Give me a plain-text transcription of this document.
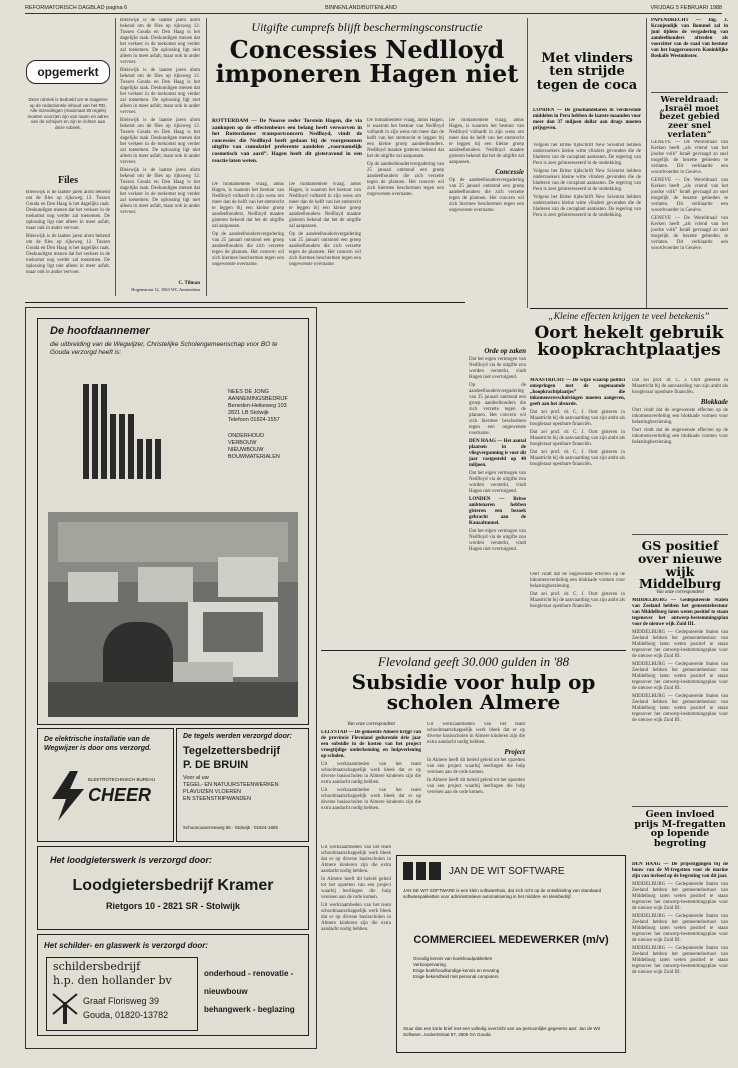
REFORMATORISCH DAGBLAD pagina 6	BINNENLAND/BUITENLAND	VRIJDAG 5 FEBRUARI 1988
opgemerkt
Deze rubriek is bedoeld om te reageren op de redactionele inhoud van het RD. Alle inzendingen (maximaal 30 regels) moeten voorzien zijn van naam en adres van de schrijver en zijn te richten aan deze rubriek.
Files

Bleiswijk is de laatste jaren alom bekend om de files op rijksweg 12. Tussen Gouda en Den Haag is het dagelijks raak. Deskundigen menen dat het verkeer in de toekomst nog verder zal toenemen. De oplossing ligt niet alleen in meer asfalt, maar ook in ander vervoer.

Bleiswijk is de laatste jaren alom bekend om de files op rijksweg 12. Tussen Gouda en Den Haag is het dagelijks raak. Deskundigen menen dat het verkeer in de toekomst nog verder zal toenemen. De oplossing ligt niet alleen in meer asfalt, maar ook in ander vervoer.

Bleiswijk is de laatste jaren alom bekend om de files op rijksweg 12. Tussen Gouda en Den Haag is het dagelijks raak. Deskundigen menen dat het verkeer in de toekomst nog verder zal toenemen. De oplossing ligt niet alleen in meer asfalt, maar ook in ander vervoer.

Bleiswijk is de laatste jaren alom bekend om de files op rijksweg 12. Tussen Gouda en Den Haag is het dagelijks raak. Deskundigen menen dat het verkeer in de toekomst nog verder zal toenemen. De oplossing ligt niet alleen in meer asfalt, maar ook in ander vervoer.

Bleiswijk is de laatste jaren alom bekend om de files op rijksweg 12. Tussen Gouda en Den Haag is het dagelijks raak. Deskundigen menen dat het verkeer in de toekomst nog verder zal toenemen. De oplossing ligt niet alleen in meer asfalt, maar ook in ander vervoer.

Bleiswijk is de laatste jaren alom bekend om de files op rijksweg 12. Tussen Gouda en Den Haag is het dagelijks raak. Deskundigen menen dat het verkeer in de toekomst nog verder zal toenemen. De oplossing ligt niet alleen in meer asfalt, maar ook in ander vervoer.

C. Tilman
Hogenstraat 12, 1063 WC Amsterdam
Uitgifte cumprefs blijft beschermingsconstructie
Concessies Nedlloyd imponeren Hagen niet

ROTTERDAM — De Noorse reder Torstein Hagen, die via aankopen op de effectenbeurs een belang heeft verworven in het Rotterdamse transportconcern Nedlloyd, vindt de concessies die Nedlloyd heeft gedaan bij de voorgenomen uitgifte van cumulatief preferente aandelen „voornamelijk cosmetisch van aard”. Hagen heeft dit gisteravond in een reactie laten weten.

De fundamentele vraag, aldus Hagen, is waarom het bestuur van Nedlloyd volhardt in zijn wens om meer dan de helft van het stemrecht te leggen bij een kleine groep aandeelhouders. Nedlloyd maakte gisteren bekend dat het de uitgifte zal aanpassen.

Op de aandeelhoudersvergadering van 25 januari ontstond een groep aandeelhouders die zich verzette tegen de plannen. Het concern wil zich hiermee beschermen tegen een ongewenste overname.

De fundamentele vraag, aldus Hagen, is waarom het bestuur van Nedlloyd volhardt in zijn wens om meer dan de helft van het stemrecht te leggen bij een kleine groep aandeelhouders. Nedlloyd maakte gisteren bekend dat het de uitgifte zal aanpassen.

Op de aandeelhoudersvergadering van 25 januari ontstond een groep aandeelhouders die zich verzette tegen de plannen. Het concern wil zich hiermee beschermen tegen een ongewenste overname.

De fundamentele vraag, aldus Hagen, is waarom het bestuur van Nedlloyd volhardt in zijn wens om meer dan de helft van het stemrecht te leggen bij een kleine groep aandeelhouders. Nedlloyd maakte gisteren bekend dat het de uitgifte zal aanpassen.

Op de aandeelhoudersvergadering van 25 januari ontstond een groep aandeelhouders die zich verzette tegen de plannen. Het concern wil zich hiermee beschermen tegen een ongewenste overname.

De fundamentele vraag, aldus Hagen, is waarom het bestuur van Nedlloyd volhardt in zijn wens om meer dan de helft van het stemrecht te leggen bij een kleine groep aandeelhouders. Nedlloyd maakte gisteren bekend dat het de uitgifte zal aanpassen.

Concessie

Op de aandeelhoudersvergadering van 25 januari ontstond een groep aandeelhouders die zich verzette tegen de plannen. Het concern wil zich hiermee beschermen tegen een ongewenste overname.

Met vlinders ten strijde tegen de coca

LONDEN — De grootlandelaren in verdovende middelen in Peru hebben de laatste maanden voor meer dan 37 miljoen dollar aan drugs moeten prijsgeven.

Volgens het Britse tijdschrift New Scientist hebben onderzoekers kleine witte vlinders gevonden die de bladeren van de cocaplant aantasten. De regering van Peru is zeer geïnteresseerd in de ontdekking.

Volgens het Britse tijdschrift New Scientist hebben onderzoekers kleine witte vlinders gevonden die de bladeren van de cocaplant aantasten. De regering van Peru is zeer geïnteresseerd in de ontdekking.

Volgens het Britse tijdschrift New Scientist hebben onderzoekers kleine witte vlinders gevonden die de bladeren van de cocaplant aantasten. De regering van Peru is zeer geïnteresseerd in de ontdekking.

PAPENDRECHT — Ing. J. Kranjendijk van Bommel zal in juni tijdens de vergadering van aandeelhouders aftreden als voorzitter van de raad van bestuur van het baggerconcern Koninklijke Boskalis Westminster.

Wereldraad: „Israël moet bezet gebied zeer snel verlaten”

GENEVE — De Wereldraad van Kerken heeft „als vriend van het joodse volk” Israël gevraagd zo snel mogelijk de bezette gebieden te verlaten. Dit verklaarde een woordvoerder in Genève.

GENEVE — De Wereldraad van Kerken heeft „als vriend van het joodse volk” Israël gevraagd zo snel mogelijk de bezette gebieden te verlaten. Dit verklaarde een woordvoerder in Genève.

GENEVE — De Wereldraad van Kerken heeft „als vriend van het joodse volk” Israël gevraagd zo snel mogelijk de bezette gebieden te verlaten. Dit verklaarde een woordvoerder in Genève.

„Kleine effecten krijgen te veel betekenis”
Oort hekelt gebruik koopkrachtplaatjes

MAASTRICHT — De wijze waarop politici omspringen met de zogenaamde „koopkrachtplaatjes” die inkomensverschuivingen moeten aangeven, geeft aan het absurde.

Dat zei prof. dr. C. J. Oort gisteren in Maastricht bij de aanvaarding van zijn ambt als hoogleraar openbare financiën.

Dat zei prof. dr. C. J. Oort gisteren in Maastricht bij de aanvaarding van zijn ambt als hoogleraar openbare financiën.

Dat zei prof. dr. C. J. Oort gisteren in Maastricht bij de aanvaarding van zijn ambt als hoogleraar openbare financiën.

Dat zei prof. dr. C. J. Oort gisteren in Maastricht bij de aanvaarding van zijn ambt als hoogleraar openbare financiën.

Blokkade

Oort vindt dat de ongewenste effecten op de inkomensverdeling een blokkade vormen voor belastingherziening.

Oort vindt dat de ongewenste effecten op de inkomensverdeling een blokkade vormen voor belastingherziening.

Orde op zaken

Dat het eigen vermogen van Nedlloyd via de uitgifte zou worden versterkt, vindt Hagen niet overtuigend.

Op de aandeelhoudersvergadering van 25 januari ontstond een groep aandeelhouders die zich verzette tegen de plannen. Het concern wil zich hiermee beschermen tegen een ongewenste overname.

DEN HAAG — Het aantal plaatsen in de vliegvergunning is voor dit jaar vastgesteld op 40 miljoen.

Dat het eigen vermogen van Nedlloyd via de uitgifte zou worden versterkt, vindt Hagen niet overtuigend.

LONDEN — Britse ambtenaren hebben gisteren een bezoek gebracht aan de Kanaaltunnel.

Dat het eigen vermogen van Nedlloyd via de uitgifte zou worden versterkt, vindt Hagen niet overtuigend.	GS positief over nieuwe wijk Middelburg
Van onze correspondent

MIDDELBURG — Gedeputeerde Staten van Zeeland hebben het gemeentebestuur van Middelburg laten weten positief te staan tegenover het ontwerp-bestemmingsplan voor de nieuwe wijk Zuid III.

MIDDELBURG — Gedeputeerde Staten van Zeeland hebben het gemeentebestuur van Middelburg laten weten positief te staan tegenover het ontwerp-bestemmingsplan voor de nieuwe wijk Zuid III.

MIDDELBURG — Gedeputeerde Staten van Zeeland hebben het gemeentebestuur van Middelburg laten weten positief te staan tegenover het ontwerp-bestemmingsplan voor de nieuwe wijk Zuid III.

MIDDELBURG — Gedeputeerde Staten van Zeeland hebben het gemeentebestuur van Middelburg laten weten positief te staan tegenover het ontwerp-bestemmingsplan voor de nieuwe wijk Zuid III.

Geen invloed prijs M-fregatten op lopende begroting

DEN HAAG — De prijsstijgingen bij de bouw van de M-fregatten voor de marine zijn van invloed op de begroting van dit jaar.

MIDDELBURG — Gedeputeerde Staten van Zeeland hebben het gemeentebestuur van Middelburg laten weten positief te staan tegenover het ontwerp-bestemmingsplan voor de nieuwe wijk Zuid III.

MIDDELBURG — Gedeputeerde Staten van Zeeland hebben het gemeentebestuur van Middelburg laten weten positief te staan tegenover het ontwerp-bestemmingsplan voor de nieuwe wijk Zuid III.

MIDDELBURG — Gedeputeerde Staten van Zeeland hebben het gemeentebestuur van Middelburg laten weten positief te staan tegenover het ontwerp-bestemmingsplan voor de nieuwe wijk Zuid III.

Flevoland geeft 30.000 gulden in '88
Subsidie voor hulp op scholen Almere
Van onze correspondent

LELYSTAD — De gemeente Almere krijgt van de provincie Flevoland gedurende drie jaar een subsidie in de kosten van het project vroegtijdige onderkenning en hulpverlening op scholen.

Uit werkzaamheden van het team schoolmaatschappelijk werk bleek dat er op diverse basisscholen in Almere kinderen zijn die extra aandacht nodig hebben.

Uit werkzaamheden van het team schoolmaatschappelijk werk bleek dat er op diverse basisscholen in Almere kinderen zijn die extra aandacht nodig hebben.

Uit werkzaamheden van het team schoolmaatschappelijk werk bleek dat er op diverse basisscholen in Almere kinderen zijn die extra aandacht nodig hebben.

Project

In Almere heeft dit beleid geleid tot het opzetten van een project waarbij leerlingen die hulp vereisen aan de orde komen.

In Almere heeft dit beleid geleid tot het opzetten van een project waarbij leerlingen die hulp vereisen aan de orde komen.

De hoofdaannemer
die uitbreiding van de Wegwijzer, Christelijke Scholengemeenschap voor BO te Gouda verzorgd heeft is:
NEES DE JONG AANNEMINGSBEDRIJF
Beneden-Heikeweg 103
2821 LB Stolwijk
Telefoon 01824-1557
ONDERHOUD
VERBOUW
NIEUWBOUW
BOUWMATERIALEN
De elektrische installatie van de Wegwijzer is door ons verzorgd.
ELEKTROTECHNISCH BUREAU
CHEER
De tegels werden verzorgd door:
Tegelzettersbedrijf
P. DE BRUIN
Voor al uw
TEGEL- EN NATUURSTEENWERKEN
PLAVUIZEN VLOEREN
EN STEENSTRIPWANDEN
Schoonouwenseweg 56 · Stolwijk · 01824-1865
Het loodgieterswerk is verzorgd door:
Loodgietersbedrijf Kramer
Rietgors 10 - 2821 SR - Stolwijk
Het schilder- en glaswerk is verzorgd door:
schildersbedrijf
h.p. den hollander bv
Graaf Florisweg 39
Gouda, 01820-13782
onderhoud - renovatie -
nieuwbouw
behangwerk - beglazing
JAN DE WIT SOFTWARE
JAN DE WIT SOFTWARE is een klein softwarehuis, dat zich richt op de ontwikkeling van standaard softwarepakketten voor administratieve automatisering in het midden- en kleinbedrijf.
COMMERCIEEL MEDEWERKER (m/v)
Grondig kennis van boekhoudpakketten
Verkoopervaring
Enige boekhoudkundige kennis en ervaring
Enige bekendheid met personal computers
Stuur dan een korte brief met een volledig overzicht van uw persoonlijke gegevens aan: Jan de Wit Software, Joubertstraat 67, 2806 GA Gouda.

Uit werkzaamheden van het team schoolmaatschappelijk werk bleek dat er op diverse basisscholen in Almere kinderen zijn die extra aandacht nodig hebben.

In Almere heeft dit beleid geleid tot het opzetten van een project waarbij leerlingen die hulp vereisen aan de orde komen.

Uit werkzaamheden van het team schoolmaatschappelijk werk bleek dat er op diverse basisscholen in Almere kinderen zijn die extra aandacht nodig hebben.

Oort vindt dat de ongewenste effecten op de inkomensverdeling een blokkade vormen voor belastingherziening.

Dat zei prof. dr. C. J. Oort gisteren in Maastricht bij de aanvaarding van zijn ambt als hoogleraar openbare financiën.
